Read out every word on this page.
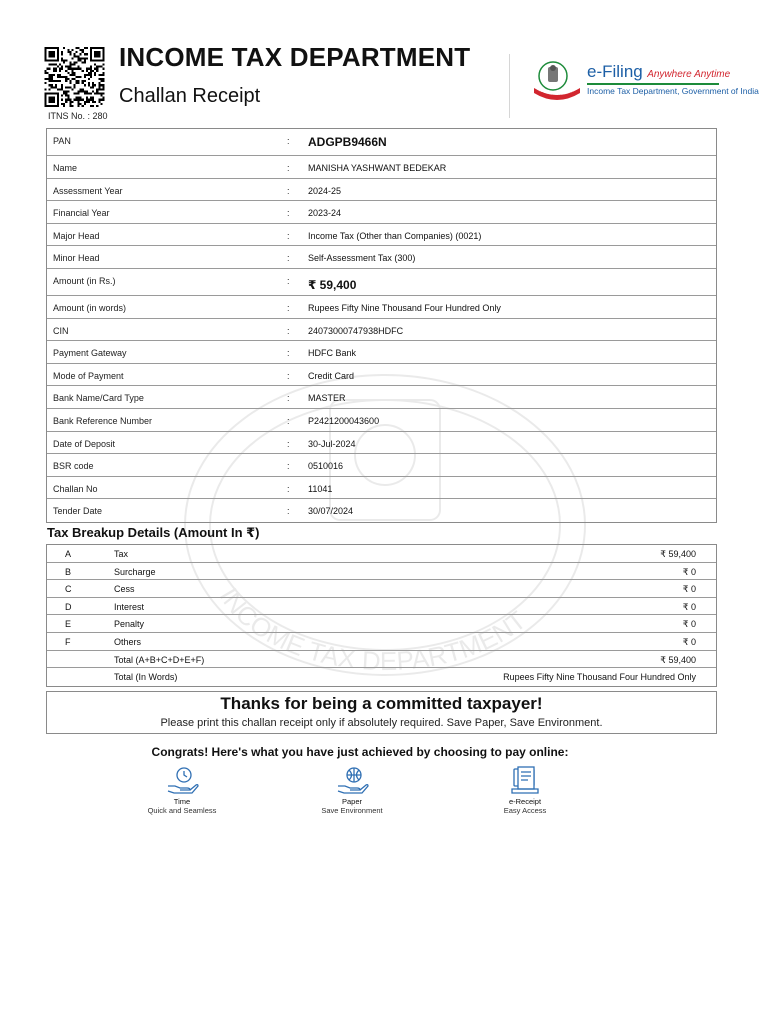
INCOME TAX DEPARTMENT
ITNS No. : 280
INCOME TAX DEPARTMENT
Challan Receipt	INCOME TAX DEPARTM
e-Filing Anywhere Anytime
Income Tax Department, Government of India
PAN	: ADGPB9466N
Name	: MANISHA YASHWANT BEDEKAR
Assessment Year	: 2024-25
Financial Year	: 2023-24
Major Head	: Income Tax (Other than Companies) (0021)
Minor Head	: Self-Assessment Tax (300)
Amount (in Rs.)	: ₹ 59,400
Amount (in words)	: Rupees Fifty Nine Thousand Four Hundred Only
CIN	: 24073000747938HDFC
Payment Gateway	: HDFC Bank
Mode of Payment	: Credit Card
Bank Name/Card Type	: MASTER
Bank Reference Number	: P2421200043600
Date of Deposit	: 30-Jul-2024
BSR code	: 0510016
Challan No	: 11041
Tender Date	: 30/07/2024
Tax Breakup Details (Amount In ₹)
A	Tax	₹ 59,400
B	Surcharge	₹ 0
C	Cess	₹ 0
D	Interest	₹ 0
E	Penalty	₹ 0
F	Others	₹ 0
Total (A+B+C+D+E+F)	₹ 59,400
Total (In Words)	Rupees Fifty Nine Thousand Four Hundred Only
Thanks for being a committed taxpayer!
Please print this challan receipt only if absolutely required. Save Paper, Save Environment.
Congrats! Here's what you have just achieved by choosing to pay online:
Time
Quick and Seamless
Paper
Save Environment
e-Receipt
Easy Access
